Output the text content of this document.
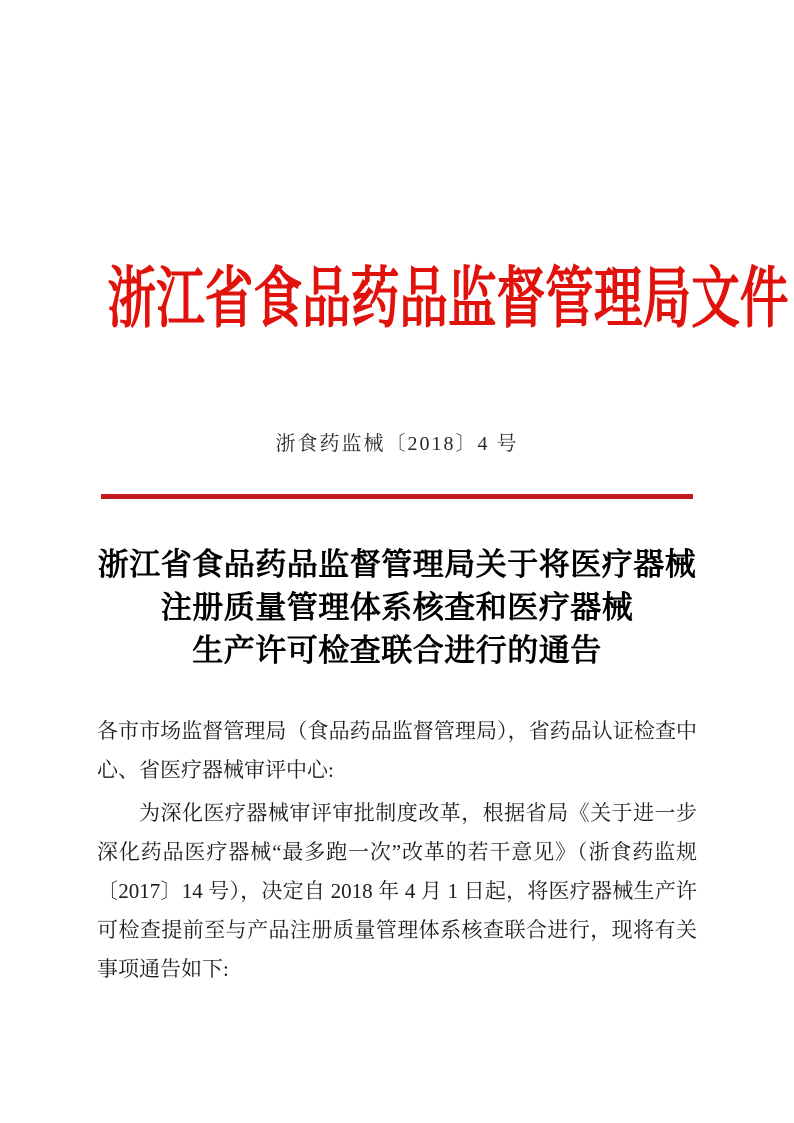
浙江省食品药品监督管理局文件
浙食药监械〔2018〕4 号
浙江省食品药品监督管理局关于将医疗器械
注册质量管理体系核查和医疗器械
生产许可检查联合进行的通告

各市市场监督管理局（食品药品监督管理局），省药品认证检查中心、省医疗器械审评中心:

为深化医疗器械审评审批制度改革，根据省局《关于进一步深化药品医疗器械“最多跑一次”改革的若干意见》（浙食药监规〔2017〕14 号），决定自 2018 年 4 月 1 日起，将医疗器械生产许可检查提前至与产品注册质量管理体系核查联合进行，现将有关事项通告如下:
